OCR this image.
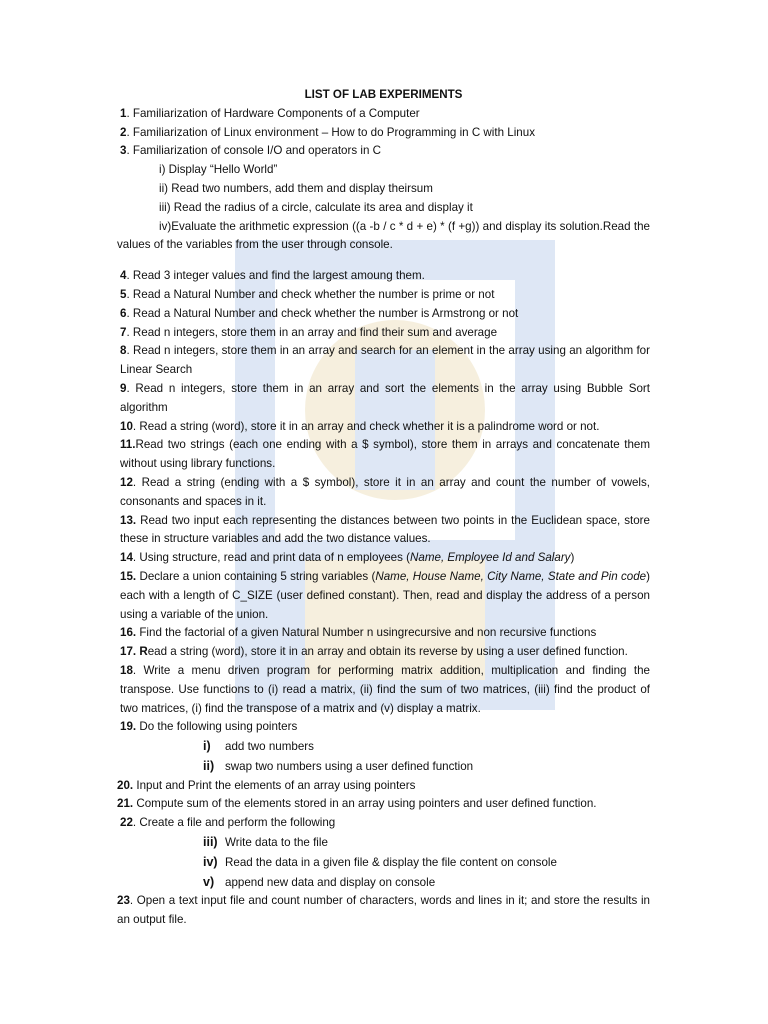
LIST OF LAB EXPERIMENTS
1. Familiarization of Hardware Components of a Computer
2. Familiarization of Linux environment – How to do Programming in C with Linux
3. Familiarization of console I/O and operators in C
i) Display “Hello World”
ii) Read two numbers, add them and display theirsum
iii) Read the radius of a circle, calculate its area and display it
iv)Evaluate the arithmetic expression ((a -b / c * d + e) * (f +g)) and display its solution.Read the values of the variables from the user through console.
4. Read 3 integer values and find the largest amoung them.
5. Read a Natural Number and check whether the number is prime or not
6. Read a Natural Number and check whether the number is Armstrong or not
7. Read n integers, store them in an array and find their sum and average
8. Read n integers, store them in an array and search for an element in the array using an algorithm for Linear Search
9. Read n integers, store them in an array and sort the elements in the array using Bubble Sort algorithm
10. Read a string (word), store it in an array and check whether it is a palindrome word or not.
11.Read two strings (each one ending with a $ symbol), store them in arrays and concatenate them without using library functions.
12. Read a string (ending with a $ symbol), store it in an array and count the number of vowels, consonants and spaces in it.
13. Read two input each representing the distances between two points in the Euclidean space, store these in structure variables and add the two distance values.
14. Using structure, read and print data of n employees (Name, Employee Id and Salary)
15. Declare a union containing 5 string variables (Name, House Name, City Name, State and Pin code) each with a length of C_SIZE (user defined constant). Then, read and display the address of a person using a variable of the union.
16. Find the factorial of a given Natural Number n usingrecursive and non recursive functions
17. Read a string (word), store it in an array and obtain its reverse by using a user defined function.
18. Write a menu driven program for performing matrix addition, multiplication and finding the transpose. Use functions to (i) read a matrix, (ii) find the sum of two matrices, (iii) find the product of two matrices, (i) find the transpose of a matrix and (v) display a matrix.
19. Do the following using pointers
i) add two numbers
ii) swap two numbers using a user defined function
20. Input and Print the elements of an array using pointers
21. Compute sum of the elements stored in an array using pointers and user defined function.
22. Create a file and perform the following
iii) Write data to the file
iv) Read the data in a given file & display the file content on console
v) append new data and display on console
23. Open a text input file and count number of characters, words and lines in it; and store the results in an output file.
